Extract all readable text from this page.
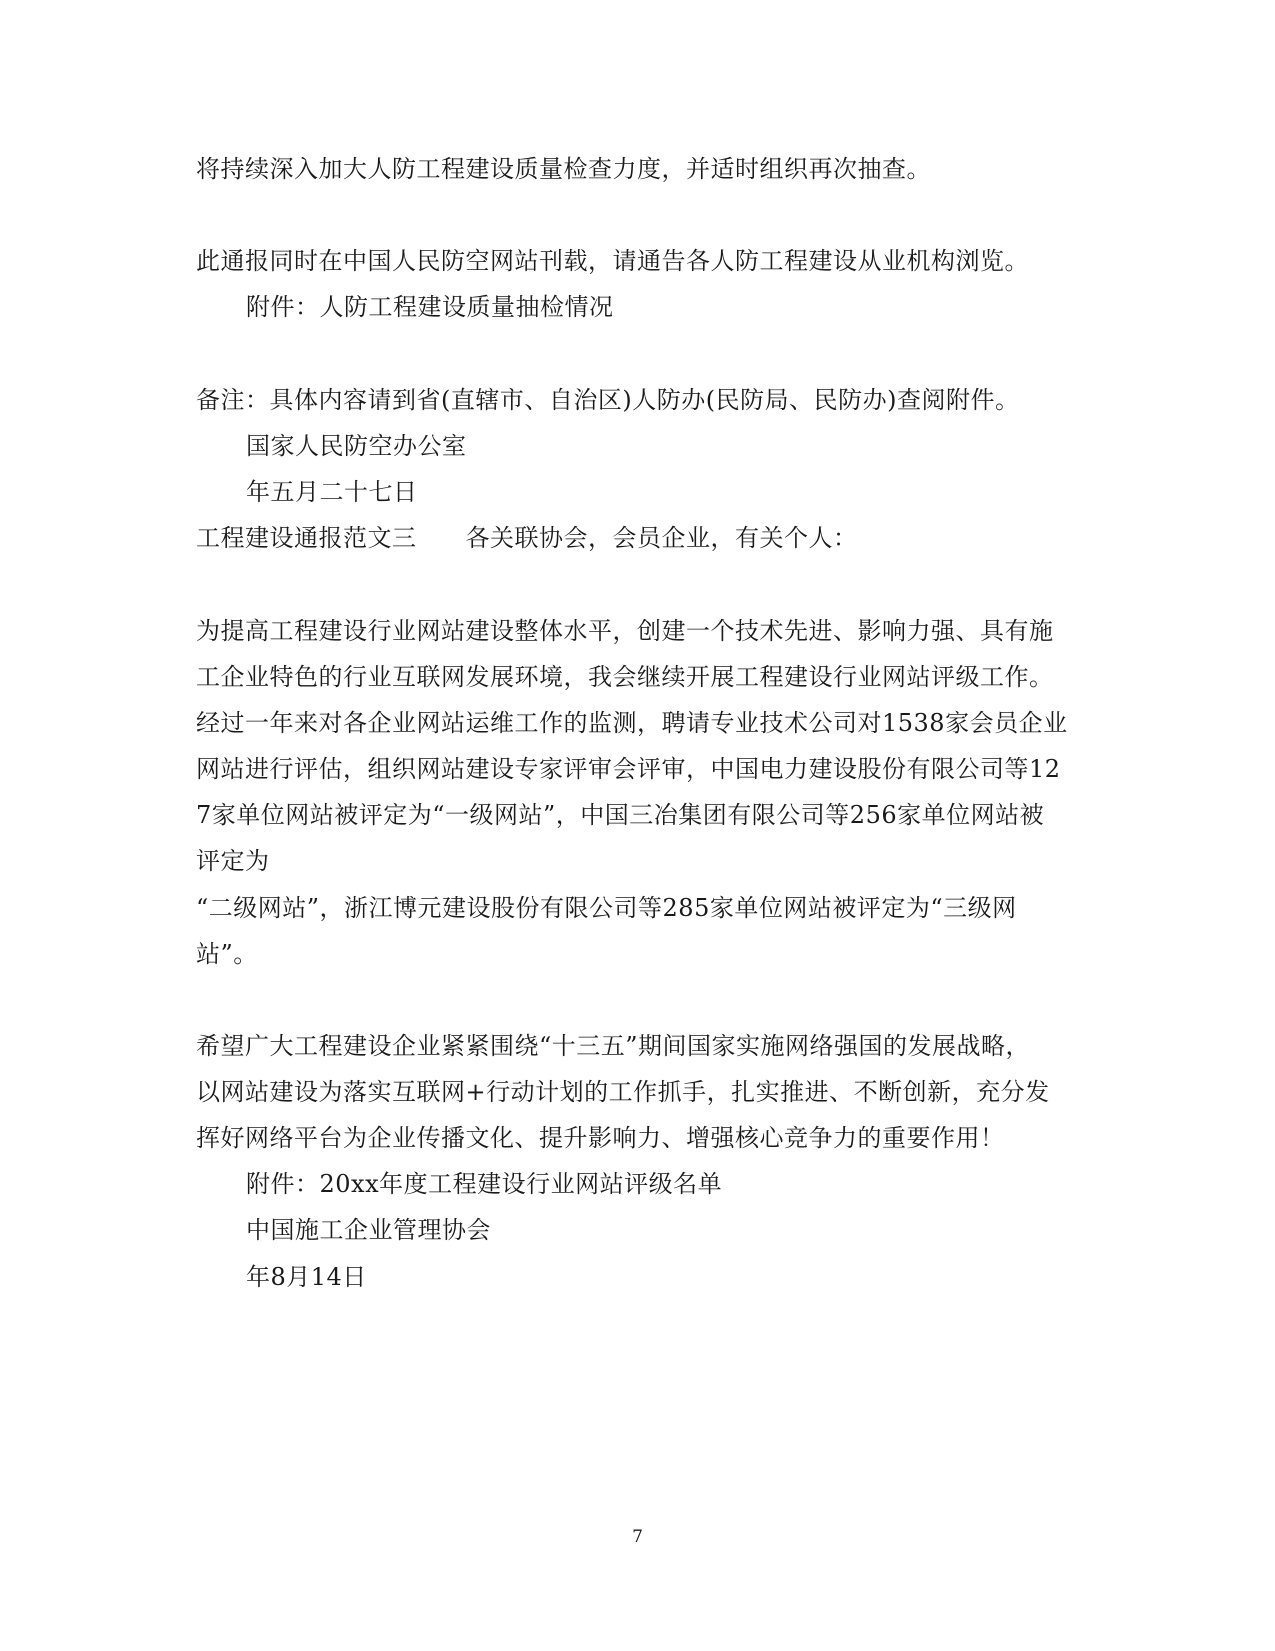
将持续深入加大人防工程建设质量检查力度，并适时组织再次抽查。
此通报同时在中国人民防空网站刊载，请通告各人防工程建设从业机构浏览。
附件：人防工程建设质量抽检情况
备注：具体内容请到省(直辖市、自治区)人防办(民防局、民防办)查阅附件。
国家人民防空办公室
年五月二十七日
工程建设通报范文三　　各关联协会，会员企业，有关个人：
为提高工程建设行业网站建设整体水平，创建一个技术先进、影响力强、具有施
工企业特色的行业互联网发展环境，我会继续开展工程建设行业网站评级工作。
经过一年来对各企业网站运维工作的监测，聘请专业技术公司对1538家会员企业
网站进行评估，组织网站建设专家评审会评审，中国电力建设股份有限公司等12
7家单位网站被评定为“一级网站”，中国三冶集团有限公司等256家单位网站被
评定为
“二级网站”，浙江博元建设股份有限公司等285家单位网站被评定为“三级网
站”。
希望广大工程建设企业紧紧围绕“十三五”期间国家实施网络强国的发展战略，
以网站建设为落实互联网+行动计划的工作抓手，扎实推进、不断创新，充分发
挥好网络平台为企业传播文化、提升影响力、增强核心竞争力的重要作用！
附件：20xx年度工程建设行业网站评级名单
中国施工企业管理协会
年8月14日
7
